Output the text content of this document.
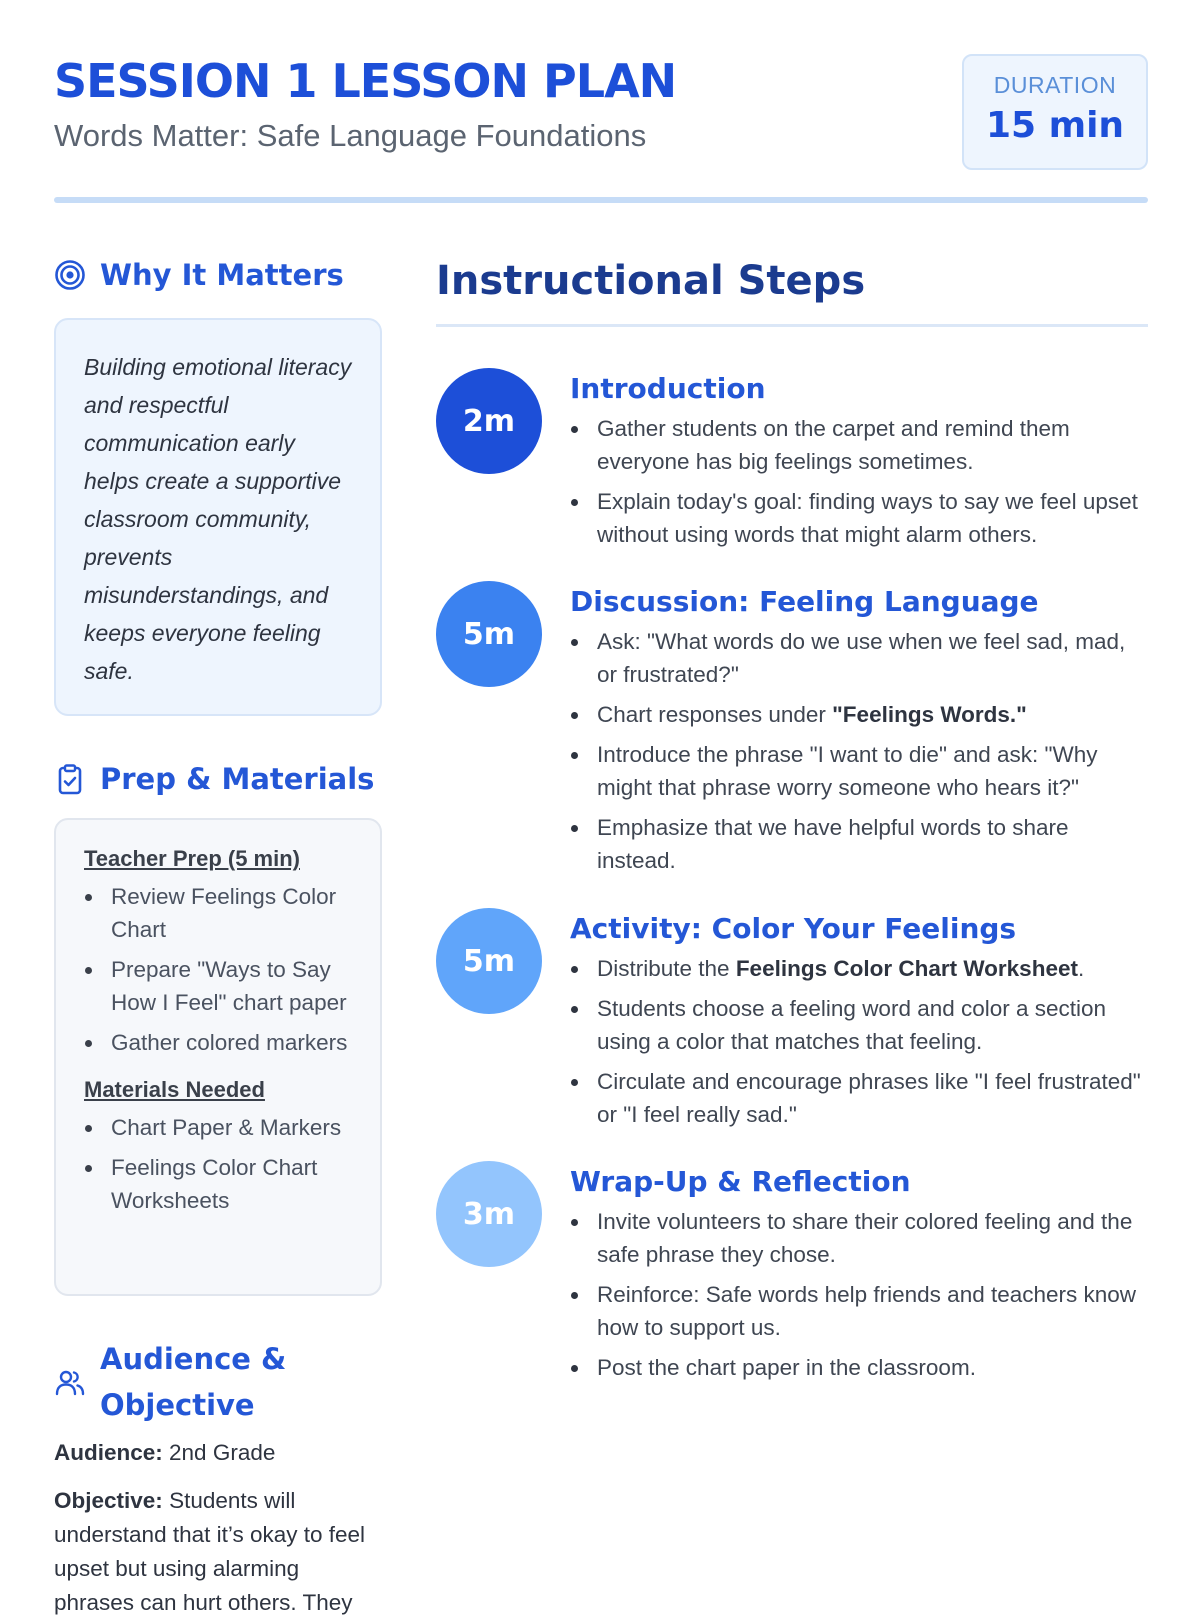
SESSION 1 LESSON PLAN
Words Matter: Safe Language Foundations
DURATION
15 min
Why It Matters

Building emotional literacy and respectful communication early helps create a supportive classroom community, prevents misunderstandings, and keeps everyone feeling safe.

Prep & Materials
Teacher Prep (5 min)
Review Feelings Color Chart
Prepare "Ways to Say How I Feel" chart paper
Gather colored markers
Materials Needed
Chart Paper & Markers
Feelings Color Chart Worksheets
Audience & Objective
Audience: 2nd Grade
Objective: Students will understand that it’s okay to feel upset but using alarming phrases can hurt others. They
Instructional Steps
2m
Introduction
Gather students on the carpet and remind them everyone has big feelings sometimes.
Explain today's goal: finding ways to say we feel upset without using words that might alarm others.
5m
Discussion: Feeling Language
Ask: "What words do we use when we feel sad, mad, or frustrated?"
Chart responses under "Feelings Words."
Introduce the phrase "I want to die" and ask: "Why might that phrase worry someone who hears it?"
Emphasize that we have helpful words to share instead.
5m
Activity: Color Your Feelings
Distribute the Feelings Color Chart Worksheet.
Students choose a feeling word and color a section using a color that matches that feeling.
Circulate and encourage phrases like "I feel frustrated" or "I feel really sad."
3m
Wrap-Up & Reflection
Invite volunteers to share their colored feeling and the safe phrase they chose.
Reinforce: Safe words help friends and teachers know how to support us.
Post the chart paper in the classroom.
